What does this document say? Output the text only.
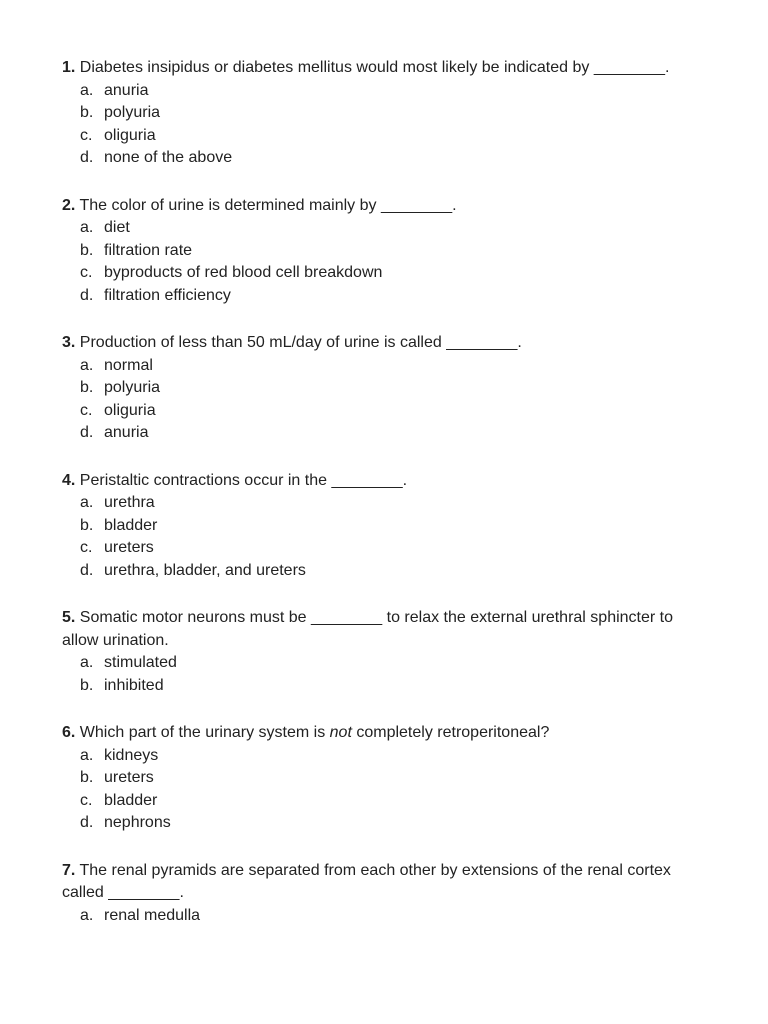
1. Diabetes insipidus or diabetes mellitus would most likely be indicated by ________.

a. anuria
b. polyuria
c. oliguria
d. none of the above

2. The color of urine is determined mainly by ________.

a. diet
b. filtration rate
c. byproducts of red blood cell breakdown
d. filtration efficiency

3. Production of less than 50 mL/day of urine is called ________.

a. normal
b. polyuria
c. oliguria
d. anuria

4. Peristaltic contractions occur in the ________.

a. urethra
b. bladder
c. ureters
d. urethra, bladder, and ureters

5. Somatic motor neurons must be ________ to relax the external urethral sphincter to allow urination.

a. stimulated
b. inhibited

6. Which part of the urinary system is not completely retroperitoneal?

a. kidneys
b. ureters
c. bladder
d. nephrons

7. The renal pyramids are separated from each other by extensions of the renal cortex called ________.

a. renal medulla
